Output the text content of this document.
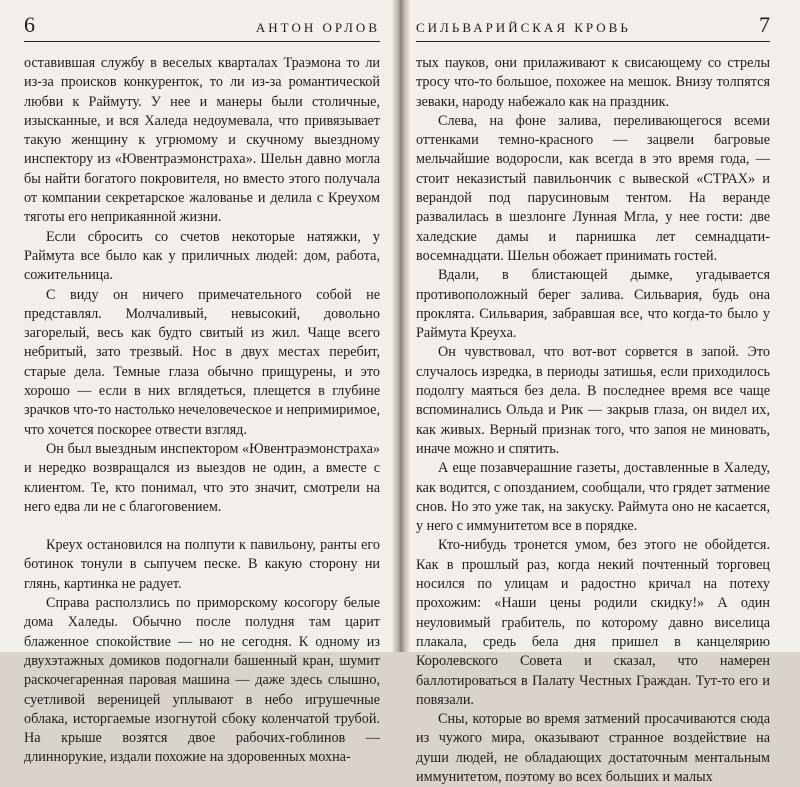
6	АНТОН ОРЛОВ

оставившая службу в веселых кварталах Траэмона то ли из-за происков конкуренток, то ли из-за романтической любви к Раймуту. У нее и манеры были столичные, изысканные, и вся Халеда недоумевала, что привязывает такую женщину к угрюмому и скучному выездному инспектору из «Ювентраэмонстраха». Шельн давно могла бы найти богатого покровителя, но вместо этого получала от компании секретарское жалованье и делила с Креухом тяготы его неприкаянной жизни.

Если сбросить со счетов некоторые натяжки, у Раймута все было как у приличных людей: дом, работа, сожительница.

С виду он ничего примечательного собой не представлял. Молчаливый, невысокий, довольно загорелый, весь как будто свитый из жил. Чаще всего небритый, зато трезвый. Нос в двух местах перебит, старые дела. Темные глаза обычно прищурены, и это хорошо — если в них вглядеться, плещется в глубине зрачков что-то настолько нечеловеческое и непримиримое, что хочется поскорее отвести взгляд.

Он был выездным инспектором «Ювентраэмонстраха» и нередко возвращался из выездов не один, а вместе с клиентом. Те, кто понимал, что это значит, смотрели на него едва ли не с благоговением.

Креух остановился на полпути к павильону, ранты его ботинок тонули в сыпучем песке. В какую сторону ни глянь, картинка не радует.

Справа расползлись по приморскому косогору белые дома Халеды. Обычно после полудня там царит блаженное спокойствие — но не сегодня. К одному из двухэтажных домиков подогнали башенный кран, шумит раскочегаренная паровая машина — даже здесь слышно, суетливой вереницей уплывают в небо игрушечные облака, исторгаемые изогнутой сбоку коленчатой трубой. На крыше возятся двое рабочих-гоблинов — длиннорукие, издали похожие на здоровенных мохна-

СИЛЬВАРИЙСКАЯ КРОВЬ	7

тых пауков, они прилаживают к свисающему со стрелы тросу что-то большое, похожее на мешок. Внизу толпятся зеваки, народу набежало как на праздник.

Слева, на фоне залива, переливающегося всеми оттенками темно-красного — зацвели багровые мельчайшие водоросли, как всегда в это время года, — стоит неказистый павильончик с вывеской «СТРАХ» и верандой под парусиновым тентом. На веранде развалилась в шезлонге Лунная Мгла, у нее гости: две халедские дамы и парнишка лет семнадцати-восемнадцати. Шельн обожает принимать гостей.

Вдали, в блистающей дымке, угадывается противоположный берег залива. Сильвария, будь она проклята. Сильвария, забравшая все, что когда-то было у Раймута Креуха.

Он чувствовал, что вот-вот сорвется в запой. Это случалось изредка, в периоды затишья, если приходилось подолгу маяться без дела. В последнее время все чаще вспоминались Ольда и Рик — закрыв глаза, он видел их, как живых. Верный признак того, что запоя не миновать, иначе можно и спятить.

А еще позавчерашние газеты, доставленные в Халеду, как водится, с опозданием, сообщали, что грядет затмение снов. Но это уже так, на закуску. Раймута оно не касается, у него с иммунитетом все в порядке.

Кто-нибудь тронется умом, без этого не обойдется. Как в прошлый раз, когда некий почтенный торговец носился по улицам и радостно кричал на потеху прохожим: «Наши цены родили скидку!» А один неуловимый грабитель, по которому давно виселица плакала, средь бела дня пришел в канцелярию Королевского Совета и сказал, что намерен баллотироваться в Палату Честных Граждан. Тут-то его и повязали.

Сны, которые во время затмений просачиваются сюда из чужого мира, оказывают странное воздействие на души людей, не обладающих достаточным ментальным иммунитетом, поэтому во всех больших и малых
